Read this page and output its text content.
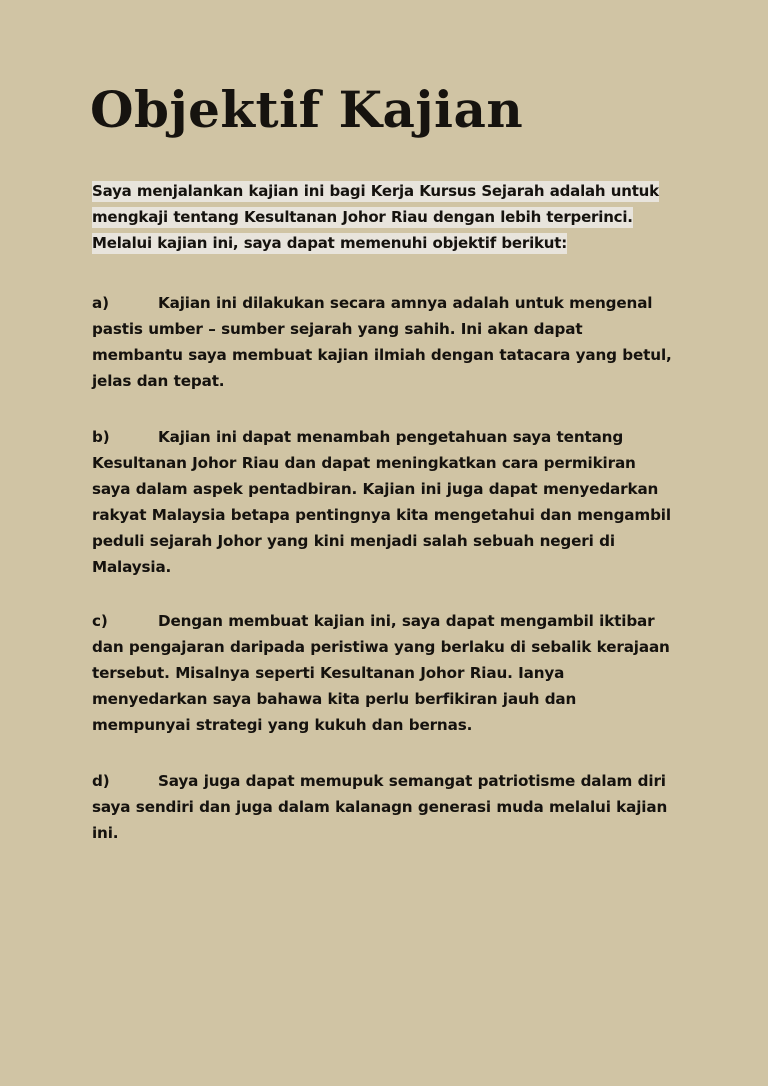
Objektif Kajian

Saya menjalankan kajian ini bagi Kerja Kursus Sejarah adalah untuk
mengkaji tentang Kesultanan Johor Riau dengan lebih terperinci.
Melalui kajian ini, saya dapat memenuhi objektif berikut:

a)	Kajian ini dilakukan secara amnya adalah untuk mengenal pastis umber – sumber sejarah yang sahih. Ini akan dapat membantu saya membuat kajian ilmiah dengan tatacara yang betul, jelas dan tepat.

b)	Kajian ini dapat menambah pengetahuan saya tentang Kesultanan Johor Riau dan dapat meningkatkan cara permikiran saya dalam aspek pentadbiran. Kajian ini juga dapat menyedarkan rakyat Malaysia betapa pentingnya kita mengetahui dan mengambil peduli sejarah Johor yang kini menjadi salah sebuah negeri di Malaysia.

c)	Dengan membuat kajian ini, saya dapat mengambil iktibar dan pengajaran daripada peristiwa yang berlaku di sebalik kerajaan tersebut. Misalnya seperti Kesultanan Johor Riau. Ianya menyedarkan saya bahawa kita perlu berfikiran jauh dan mempunyai strategi yang kukuh dan bernas.

d)	Saya juga dapat memupuk semangat patriotisme dalam diri saya sendiri dan juga dalam kalanagn generasi muda melalui kajian ini.
